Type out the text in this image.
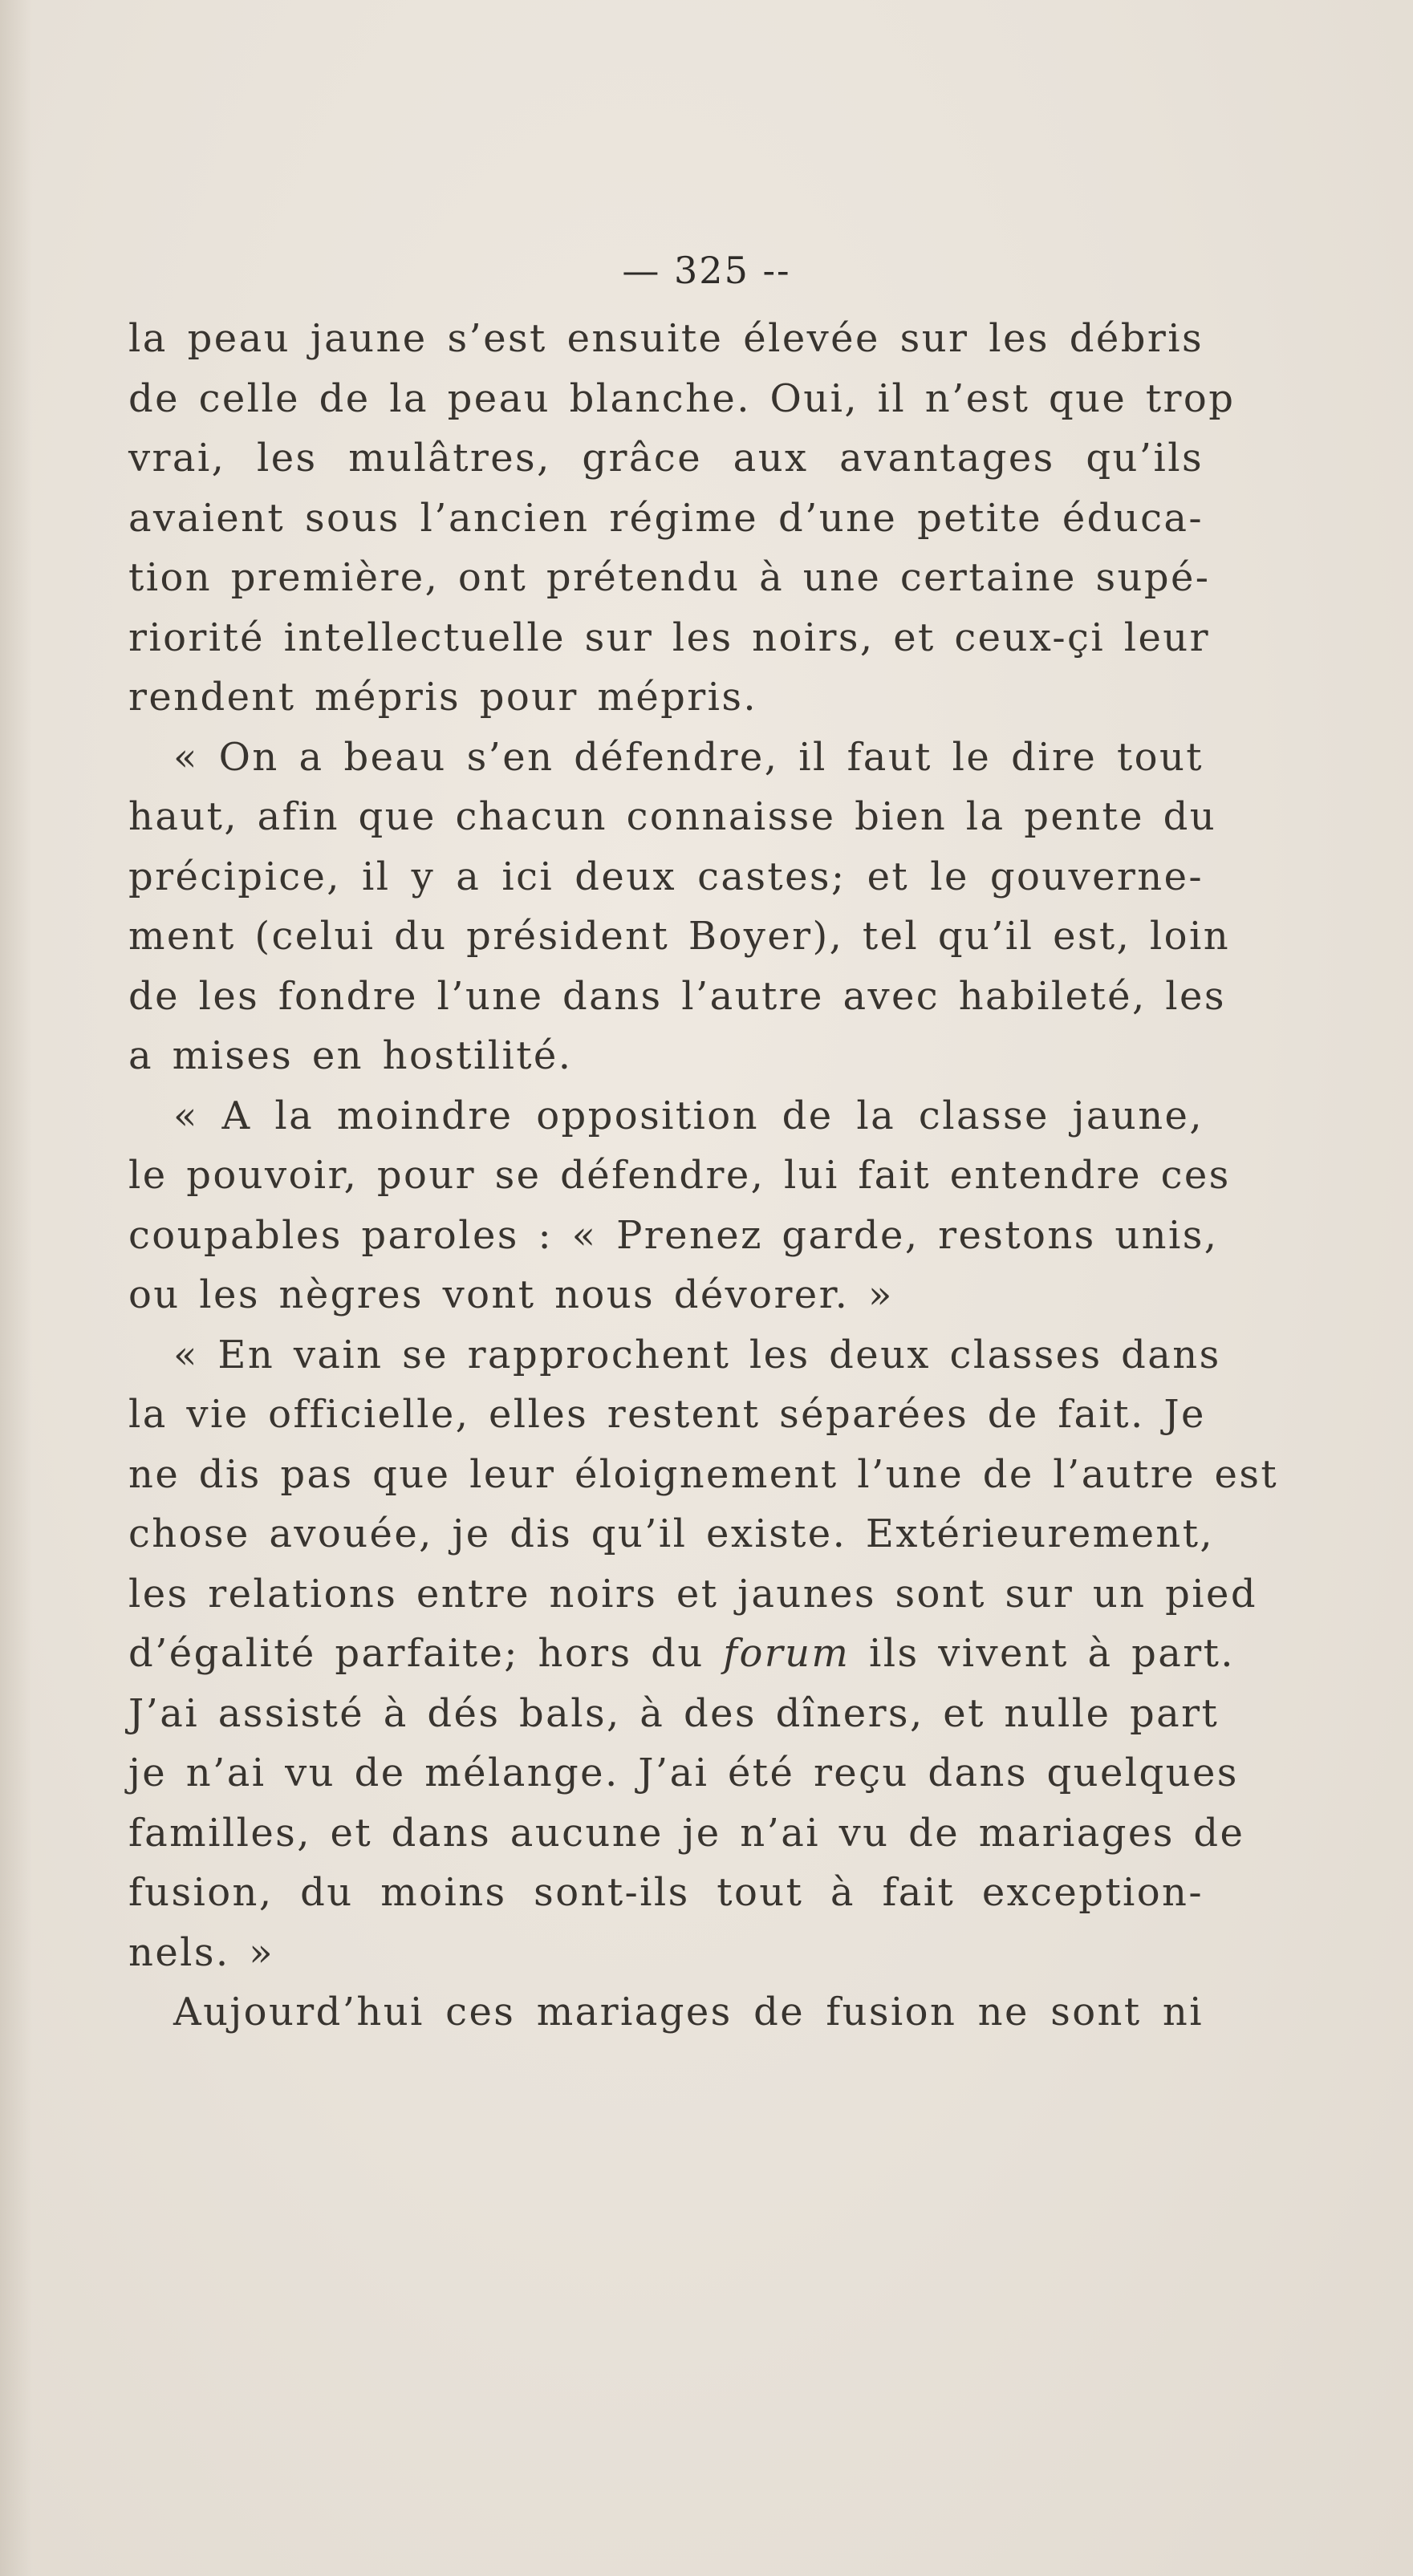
— 325 --
la peau jaune s’est ensuite élevée sur les débris
de celle de la peau blanche. Oui, il n’est que trop
vrai, les mulâtres, grâce aux avantages qu’ils
avaient sous l’ancien régime d’une petite éduca-
tion première, ont prétendu à une certaine supé-
riorité intellectuelle sur les noirs, et ceux-çi leur
rendent mépris pour mépris.
« On a beau s’en défendre, il faut le dire tout
haut, afin que chacun connaisse bien la pente du
précipice, il y a ici deux castes; et le gouverne-
ment (celui du président Boyer), tel qu’il est, loin
de les fondre l’une dans l’autre avec habileté, les
a mises en hostilité.
« A la moindre opposition de la classe jaune,
le pouvoir, pour se défendre, lui fait entendre ces
coupables paroles : « Prenez garde, restons unis,
ou les nègres vont nous dévorer. »
« En vain se rapprochent les deux classes dans
la vie officielle, elles restent séparées de fait. Je
ne dis pas que leur éloignement l’une de l’autre est
chose avouée, je dis qu’il existe. Extérieurement,
les relations entre noirs et jaunes sont sur un pied
d’égalité parfaite; hors du forum ils vivent à part.
J’ai assisté à dés bals, à des dîners, et nulle part
je n’ai vu de mélange. J’ai été reçu dans quelques
familles, et dans aucune je n’ai vu de mariages de
fusion, du moins sont-ils tout à fait exception-
nels. »
Aujourd’hui ces mariages de fusion ne sont ni
